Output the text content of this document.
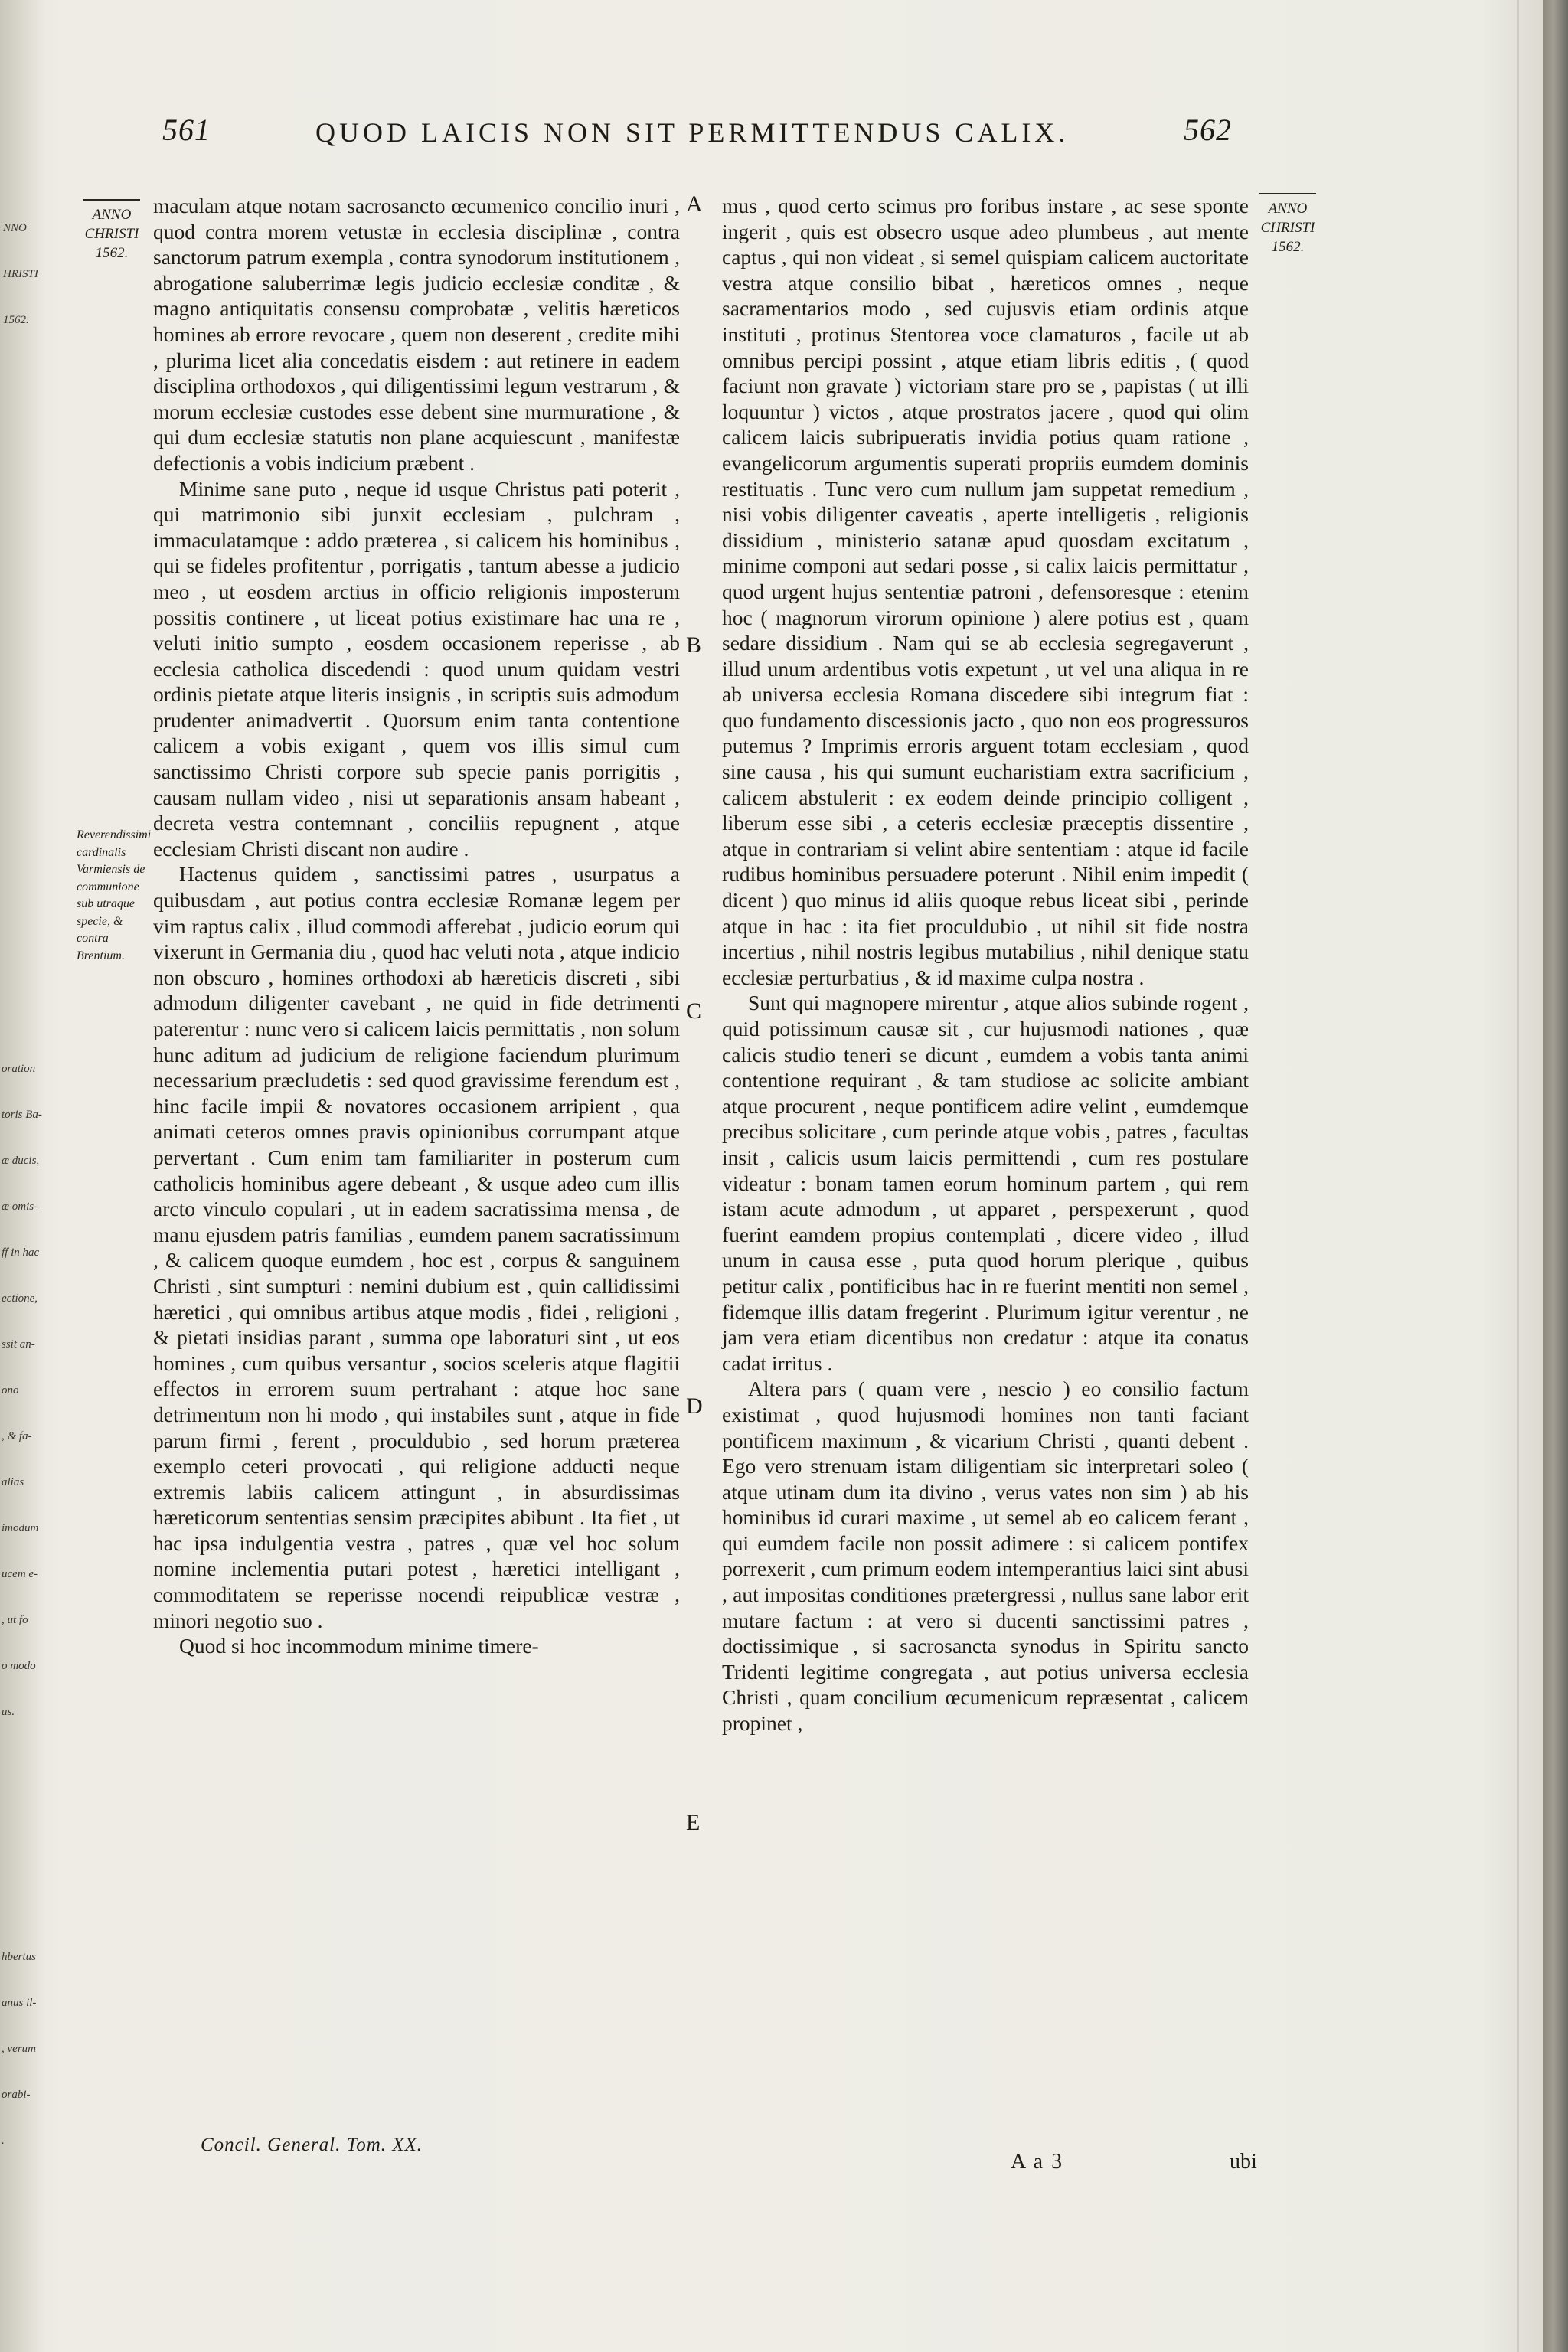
NNO

HRISTI

1562.

oration

toris Ba-

æ ducis,

æ omis-

ff in hac

ectione,

ssit an-

ono

, & fa-

alias

imodum

ucem e-

, ut fo

o modo

us.

hbertus

anus il-

, verum

orabi-

.

561	QUOD LAICIS NON SIT PERMITTENDUS CALIX.	562
ANNO CHRISTI
1562.
ANNO CHRISTI
1562.
Reverendissimi cardinalis Varmiensis de communione sub utraque specie, & contra Brentium.
A
B
C
D
E

maculam atque notam sacrosancto œcumenico concilio inuri , quod contra morem vetustæ in ecclesia disciplinæ , contra sanctorum patrum exempla , contra synodorum institutionem , abrogatione saluberrimæ legis judicio ecclesiæ conditæ , & magno antiquitatis consensu comprobatæ , velitis hæreticos homines ab errore revocare , quem non deserent , credite mihi , plurima licet alia concedatis eisdem : aut retinere in eadem disciplina orthodoxos , qui diligentissimi legum vestrarum , & morum ecclesiæ custodes esse debent sine murmuratione , & qui dum ecclesiæ statutis non plane acquiescunt , manifestæ defectionis a vobis indicium præbent .

Minime sane puto , neque id usque Christus pati poterit , qui matrimonio sibi junxit ecclesiam , pulchram , immaculatamque : addo præterea , si calicem his hominibus , qui se fideles profitentur , porrigatis , tantum abesse a judicio meo , ut eosdem arctius in officio religionis imposterum possitis continere , ut liceat potius existimare hac una re , veluti initio sumpto , eosdem occasionem reperisse , ab ecclesia catholica discedendi : quod unum quidam vestri ordinis pietate atque literis insignis , in scriptis suis admodum prudenter animadvertit . Quorsum enim tanta contentione calicem a vobis exigant , quem vos illis simul cum sanctissimo Christi corpore sub specie panis porrigitis , causam nullam video , nisi ut separationis ansam habeant , decreta vestra contemnant , conciliis repugnent , atque ecclesiam Christi discant non audire .

Hactenus quidem , sanctissimi patres , usurpatus a quibusdam , aut potius contra ecclesiæ Romanæ legem per vim raptus calix , illud commodi afferebat , judicio eorum qui vixerunt in Germania diu , quod hac veluti nota , atque indicio non obscuro , homines orthodoxi ab hæreticis discreti , sibi admodum diligenter cavebant , ne quid in fide detrimenti paterentur : nunc vero si calicem laicis permittatis , non solum hunc aditum ad judicium de religione faciendum plurimum necessarium præcludetis : sed quod gravissime ferendum est , hinc facile impii & novatores occasionem arripient , qua animati ceteros omnes pravis opinionibus corrumpant atque pervertant . Cum enim tam familiariter in posterum cum catholicis hominibus agere debeant , & usque adeo cum illis arcto vinculo copulari , ut in eadem sacratissima mensa , de manu ejusdem patris familias , eumdem panem sacratissimum , & calicem quoque eumdem , hoc est , corpus & sanguinem Christi , sint sumpturi : nemini dubium est , quin callidissimi hæretici , qui omnibus artibus atque modis , fidei , religioni , & pietati insidias parant , summa ope laboraturi sint , ut eos homines , cum quibus versantur , socios sceleris atque flagitii effectos in errorem suum pertrahant : atque hoc sane detrimentum non hi modo , qui instabiles sunt , atque in fide parum firmi , ferent , proculdubio , sed horum præterea exemplo ceteri provocati , qui religione adducti neque extremis labiis calicem attingunt , in absurdissimas hæreticorum sententias sensim præcipites abibunt . Ita fiet , ut hac ipsa indulgentia vestra , patres , quæ vel hoc solum nomine inclementia putari potest , hæretici intelligant , commoditatem se reperisse nocendi reipublicæ vestræ , minori negotio suo .

Quod si hoc incommodum minime timere-

mus , quod certo scimus pro foribus instare , ac sese sponte ingerit , quis est obsecro usque adeo plumbeus , aut mente captus , qui non videat , si semel quispiam calicem auctoritate vestra atque consilio bibat , hæreticos omnes , neque sacramentarios modo , sed cujusvis etiam ordinis atque instituti , protinus Stentorea voce clamaturos , facile ut ab omnibus percipi possint , atque etiam libris editis , ( quod faciunt non gravate ) victoriam stare pro se , papistas ( ut illi loquuntur ) victos , atque prostratos jacere , quod qui olim calicem laicis subripueratis invidia potius quam ratione , evangelicorum argumentis superati propriis eumdem dominis restituatis . Tunc vero cum nullum jam suppetat remedium , nisi vobis diligenter caveatis , aperte intelligetis , religionis dissidium , ministerio satanæ apud quosdam excitatum , minime componi aut sedari posse , si calix laicis permittatur , quod urgent hujus sententiæ patroni , defensoresque : etenim hoc ( magnorum virorum opinione ) alere potius est , quam sedare dissidium . Nam qui se ab ecclesia segregaverunt , illud unum ardentibus votis expetunt , ut vel una aliqua in re ab universa ecclesia Romana discedere sibi integrum fiat : quo fundamento discessionis jacto , quo non eos progressuros putemus ? Imprimis erroris arguent totam ecclesiam , quod sine causa , his qui sumunt eucharistiam extra sacrificium , calicem abstulerit : ex eodem deinde principio colligent , liberum esse sibi , a ceteris ecclesiæ præceptis dissentire , atque in contrariam si velint abire sententiam : atque id facile rudibus hominibus persuadere poterunt . Nihil enim impedit ( dicent ) quo minus id aliis quoque rebus liceat sibi , perinde atque in hac : ita fiet proculdubio , ut nihil sit fide nostra incertius , nihil nostris legibus mutabilius , nihil denique statu ecclesiæ perturbatius , & id maxime culpa nostra .

Sunt qui magnopere mirentur , atque alios subinde rogent , quid potissimum causæ sit , cur hujusmodi nationes , quæ calicis studio teneri se dicunt , eumdem a vobis tanta animi contentione requirant , & tam studiose ac solicite ambiant atque procurent , neque pontificem adire velint , eumdemque precibus solicitare , cum perinde atque vobis , patres , facultas insit , calicis usum laicis permittendi , cum res postulare videatur : bonam tamen eorum hominum partem , qui rem istam acute admodum , ut apparet , perspexerunt , quod fuerint eamdem propius contemplati , dicere video , illud unum in causa esse , puta quod horum plerique , quibus petitur calix , pontificibus hac in re fuerint mentiti non semel , fidemque illis datam fregerint . Plurimum igitur verentur , ne jam vera etiam dicentibus non credatur : atque ita conatus cadat irritus .

Altera pars ( quam vere , nescio ) eo consilio factum existimat , quod hujusmodi homines non tanti faciant pontificem maximum , & vicarium Christi , quanti debent . Ego vero strenuam istam diligentiam sic interpretari soleo ( atque utinam dum ita divino , verus vates non sim ) ab his hominibus id curari maxime , ut semel ab eo calicem ferant , qui eumdem facile non possit adimere : si calicem pontifex porrexerit , cum primum eodem intemperantius laici sint abusi , aut impositas conditiones prætergressi , nullus sane labor erit mutare factum : at vero si ducenti sanctissimi patres , doctissimique , si sacrosancta synodus in Spiritu sancto Tridenti legitime congregata , aut potius universa ecclesia Christi , quam concilium œcumenicum repræsentat , calicem propinet ,

Concil. General. Tom. XX.
A a 3	ubi
